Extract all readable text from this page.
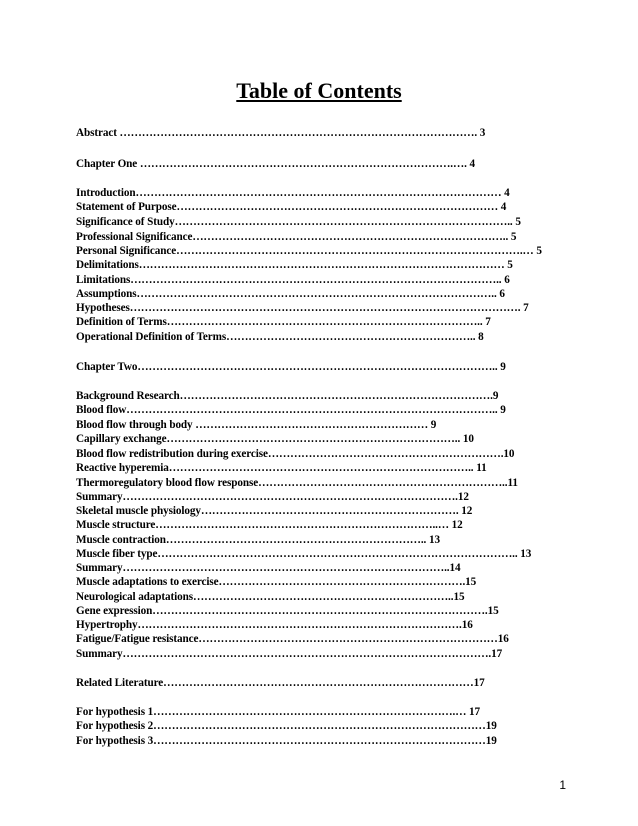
Table of Contents
Abstract ……………………………………………………………………………………. 3
Chapter One ………………………………………………………………………….…. 4
Introduction……………………………………………………………………………………… 4
Statement of Purpose…………………………………………………………………………… 4
Significance of Study……………………………………………………………………………….. 5
Professional Significance………………………………………………………………………….. 5
Personal Significance………………………………………………………………………………….… 5
Delimitations……………………………………………………………………………………… 5
Limitations……………………………………………………………………………………….. 6
Assumptions…………………………………………………………………………………….. 6
Hypotheses……………………………………………………………………………………………. 7
Definition of Terms………………………………………………………………………….. 7
Operational Definition of Terms………………………………………………………….. 8
Chapter Two…………………………………………………………………………………….. 9
Background Research………………………………………………………………………….9
Blood flow……………………………………………………………………………………….. 9
Blood flow through body ……………………………………………………… 9
Capillary exchange…………………………………………………………………….. 10
Blood flow redistribution during exercise……………………………………………………….10
Reactive hyperemia……………………………………………………………………….. 11
Thermoregulatory blood flow response…………………………………………………………..11
Summary……………………………………………………………………………….12
Skeletal muscle physiology……………………………………………………………. 12
Muscle structure…………………………………………………………………..… 12
Muscle contraction…………………………………………………………….. 13
Muscle fiber type…………………………………………………………………………………….. 13
Summary……………………………………………………………………………..14
Muscle adaptations to exercise………………………………………………………….15
Neurological adaptations……………………………………………………………..15
Gene expression……………………………………………………………………………….15
Hypertrophy…………………………………………………………………………….16
Fatigue/Fatigue resistance………………………………………………………………………16
Summary……………………………………………………………………………………….17
Related Literature…………………………………………………………………………17
For hypothesis 1……………………………………………………………………….… 17
For hypothesis 2………………………………………………………………………………19
For hypothesis 3………………………………………………………………………………19
1
